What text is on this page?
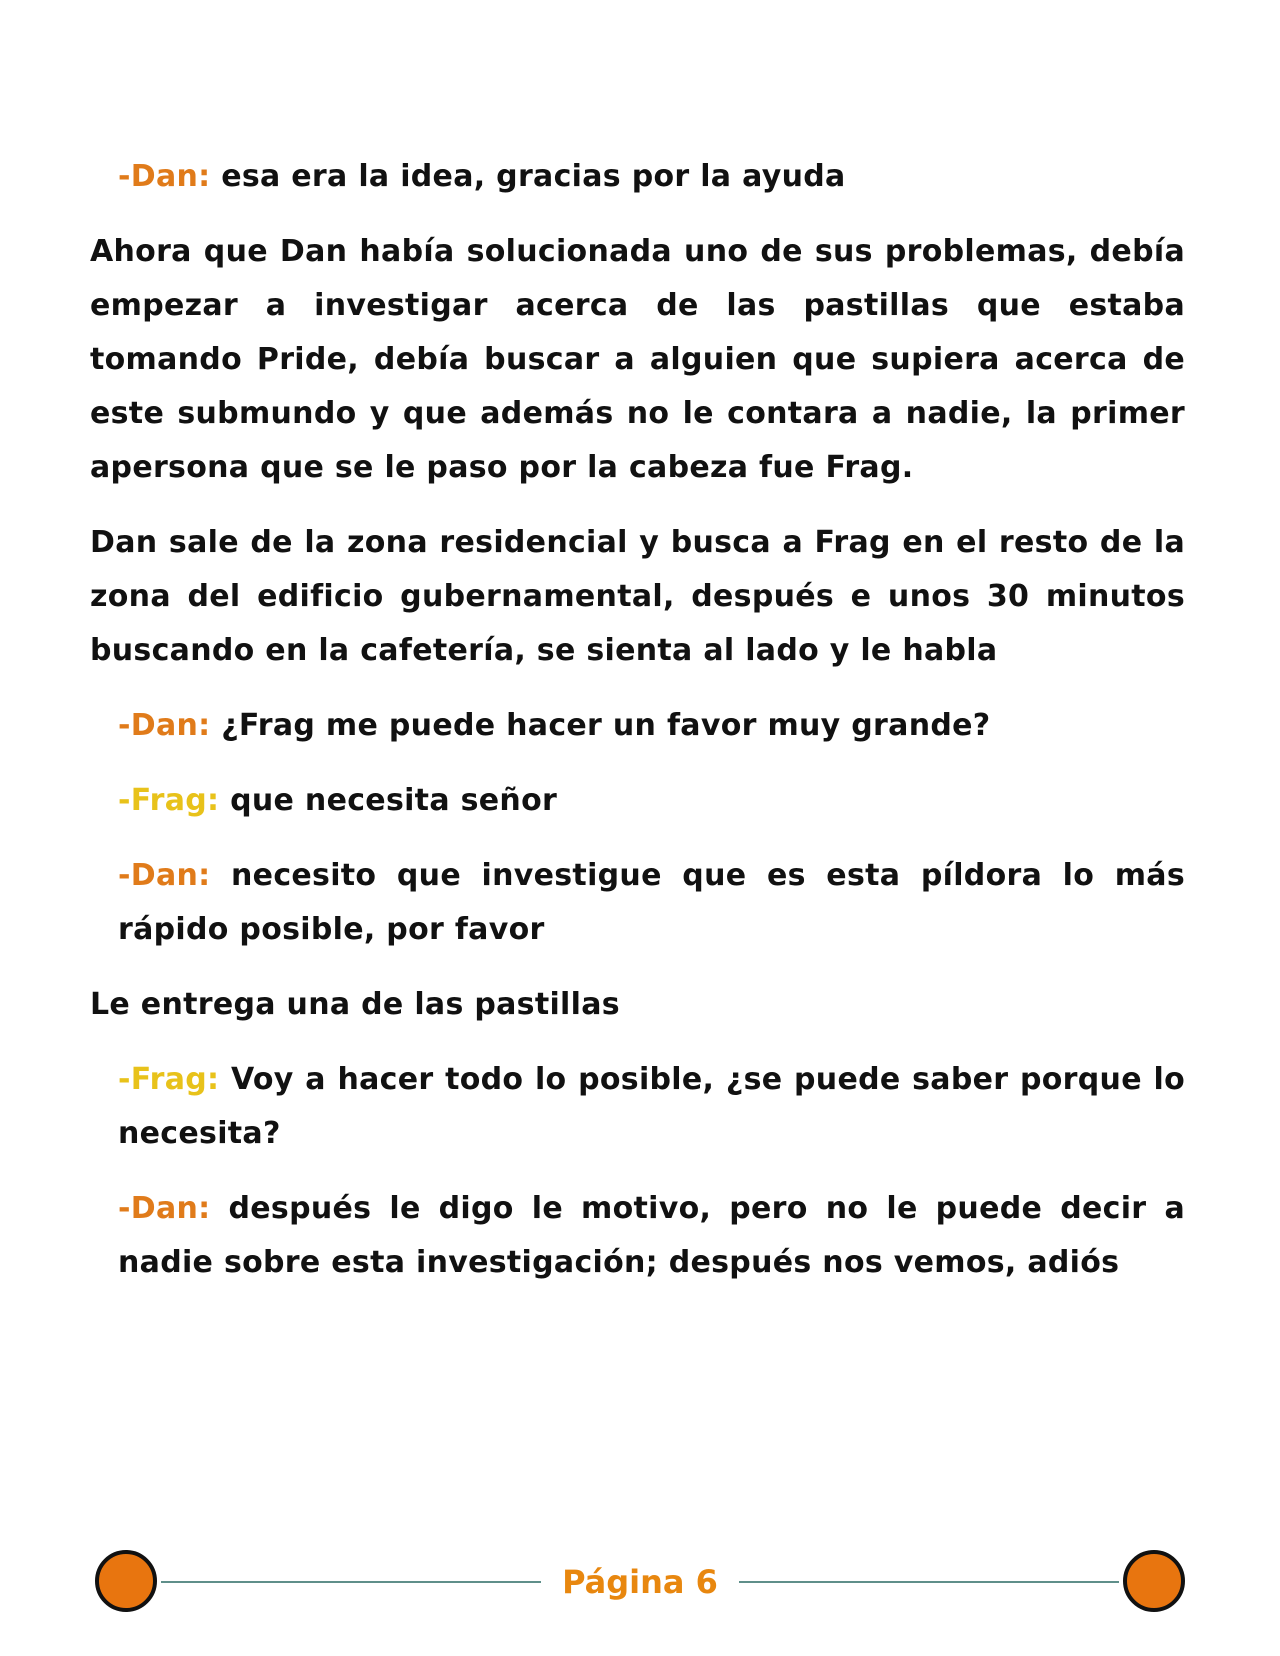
-Dan: esa era la idea, gracias por la ayuda

Ahora que Dan había solucionada uno de sus problemas, debía empezar a investigar acerca de las pastillas que estaba tomando Pride, debía buscar a alguien que supiera acerca de este submundo y que además no le contara a nadie, la primer apersona que se le paso por la cabeza fue Frag.

Dan sale de la zona residencial y busca a Frag en el resto de la zona del edificio gubernamental, después e unos 30 minutos buscando en la cafetería, se sienta al lado y le habla

-Dan: ¿Frag me puede hacer un favor muy grande?

-Frag: que necesita señor

-Dan: necesito que investigue que es esta píldora lo más rápido posible, por favor

Le entrega una de las pastillas

-Frag: Voy a hacer todo lo posible, ¿se puede saber porque lo necesita?

-Dan: después le digo le motivo, pero no le puede decir a nadie sobre esta investigación; después nos vemos, adiós

Página 6
